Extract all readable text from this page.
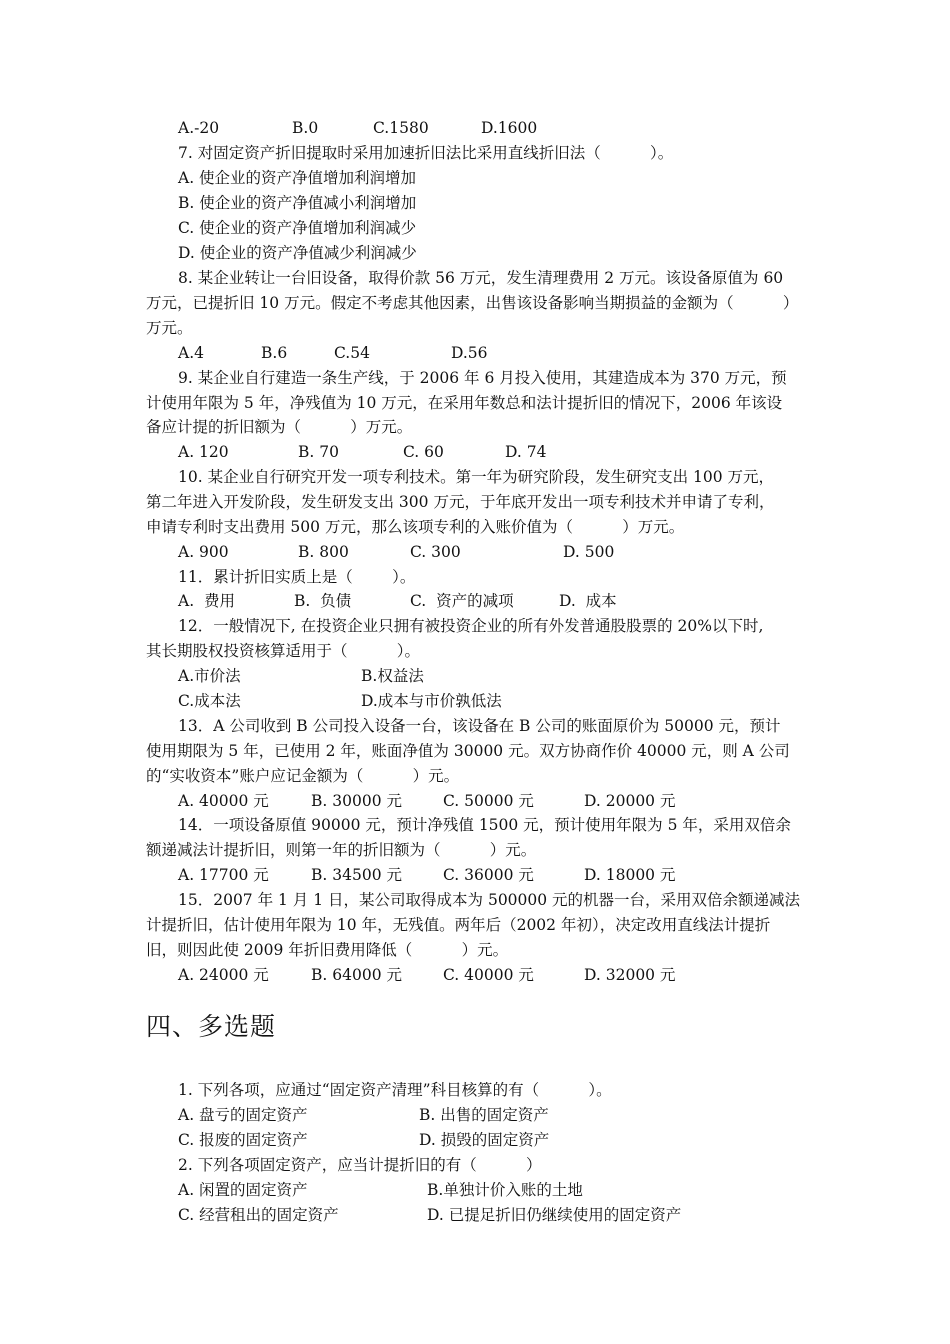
A.-20	B.0	C.1580	D.1600
7. 对固定资产折旧提取时采用加速折旧法比采用直线折旧法（          ）。
A. 使企业的资产净值增加利润增加
B. 使企业的资产净值减小利润增加
C. 使企业的资产净值增加利润减少
D. 使企业的资产净值减少利润减少
8. 某企业转让一台旧设备，取得价款 56 万元，发生清理费用 2 万元。该设备原值为 60
万元，已提折旧 10 万元。假定不考虑其他因素，出售该设备影响当期损益的金额为（          ）
万元。
A.4	B.6	C.54	D.56
9. 某企业自行建造一条生产线，于 2006 年 6 月投入使用，其建造成本为 370 万元，预
计使用年限为 5 年，净残值为 10 万元，在采用年数总和法计提折旧的情况下，2006 年该设
备应计提的折旧额为（          ）万元。
A. 120	B. 70	C. 60	D. 74
10. 某企业自行研究开发一项专利技术。第一年为研究阶段，发生研究支出 100 万元，
第二年进入开发阶段，发生研发支出 300 万元，于年底开发出一项专利技术并申请了专利，
申请专利时支出费用 500 万元，那么该项专利的入账价值为（          ）万元。
A. 900	B. 800	C. 300	D. 500
11．累计折旧实质上是（        ）。
A.  费用	B.  负债	C.  资产的减项	D.  成本
12．一般情况下, 在投资企业只拥有被投资企业的所有外发普通股股票的 20%以下时,
其长期股权投资核算适用于（          ）。
A.市价法	B.权益法
C.成本法	D.成本与市价孰低法
13．A 公司收到 B 公司投入设备一台，该设备在 B 公司的账面原价为 50000 元，预计
使用期限为 5 年，已使用 2 年，账面净值为 30000 元。双方协商作价 40000 元，则 A 公司
的“实收资本”账户应记金额为（          ）元。
A. 40000 元	B. 30000 元	C. 50000 元	D. 20000 元
14．一项设备原值 90000 元，预计净残值 1500 元，预计使用年限为 5 年，采用双倍余
额递减法计提折旧，则第一年的折旧额为（          ）元。
A. 17700 元	B. 34500 元	C. 36000 元	D. 18000 元
15．2007 年 1 月 1 日，某公司取得成本为 500000 元的机器一台，采用双倍余额递减法
计提折旧，估计使用年限为 10 年，无残值。两年后（2002 年初），决定改用直线法计提折
旧，则因此使 2009 年折旧费用降低（          ）元。
A. 24000 元	B. 64000 元	C. 40000 元	D. 32000 元
四、多选题
1. 下列各项，应通过“固定资产清理”科目核算的有（          ）。
A. 盘亏的固定资产	B. 出售的固定资产
C. 报废的固定资产	D. 损毁的固定资产
2. 下列各项固定资产，应当计提折旧的有（          ）
A. 闲置的固定资产	B.单独计价入账的土地
C. 经营租出的固定资产	D. 已提足折旧仍继续使用的固定资产
